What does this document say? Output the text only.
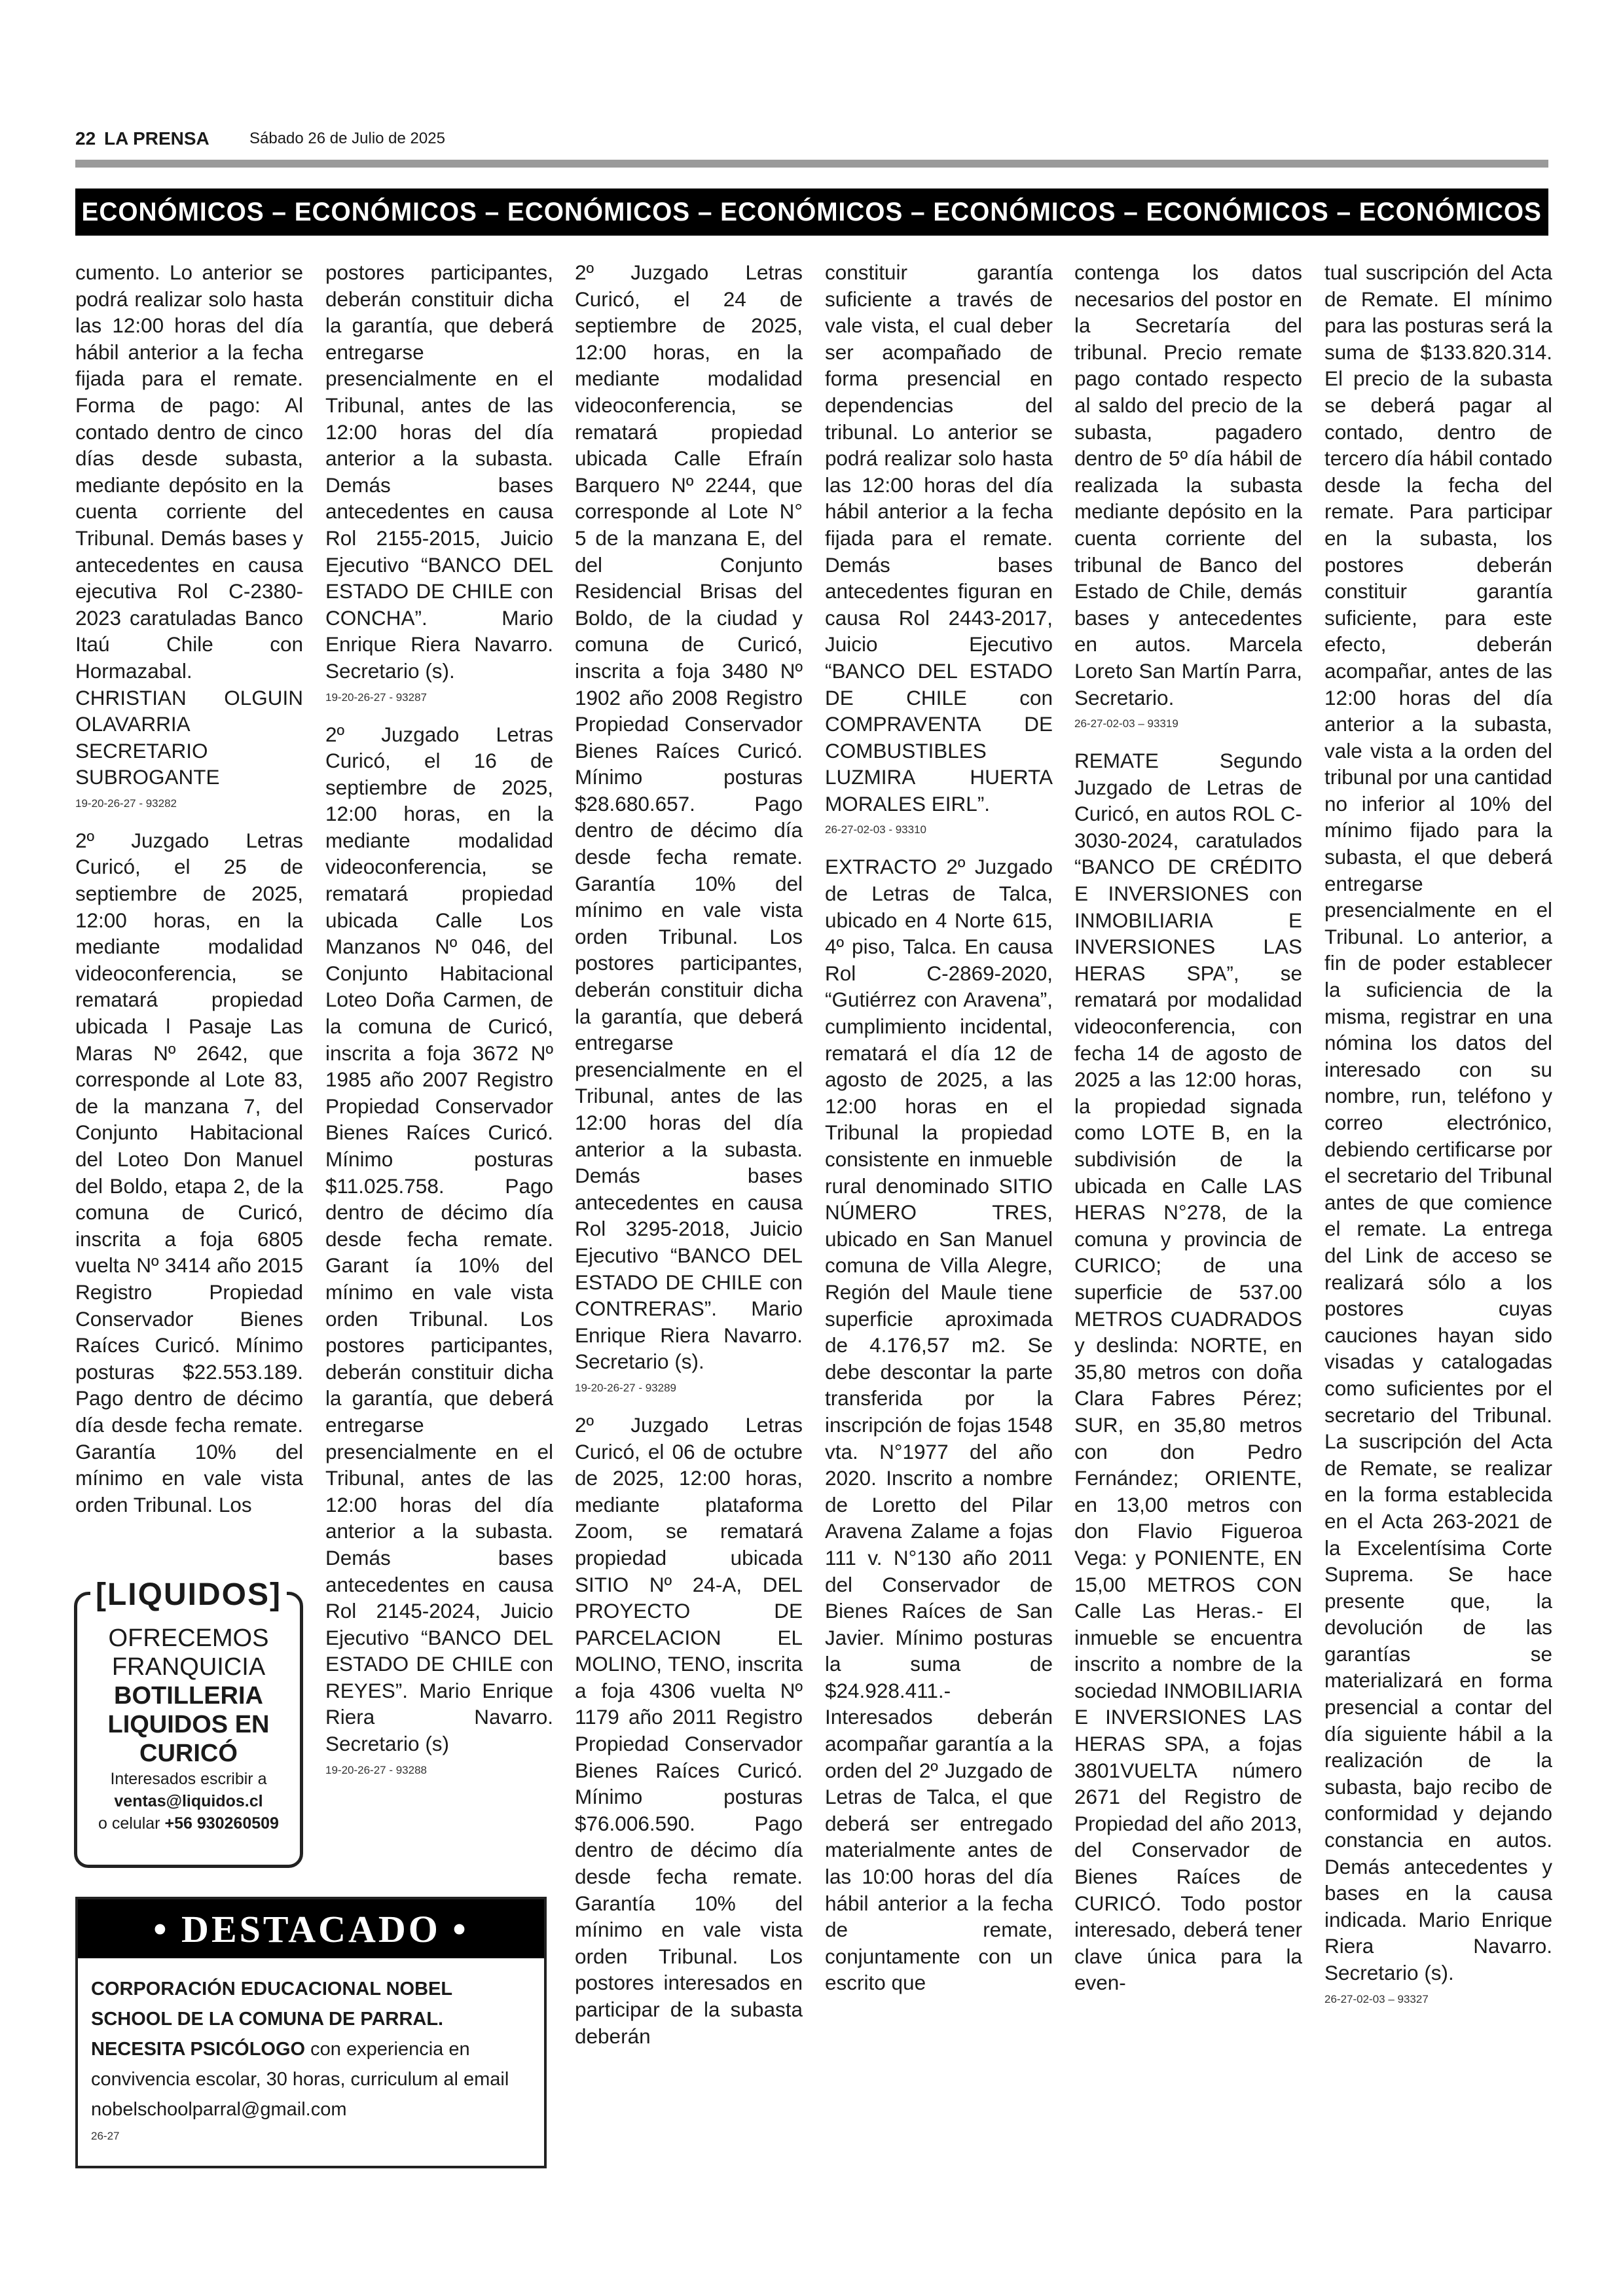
22 LA PRENSA	Sábado 26 de Julio de 2025
ECONÓMICOS – ECONÓMICOS – ECONÓMICOS – ECONÓMICOS – ECONÓMICOS – ECONÓMICOS – ECONÓMICOS

cumento. Lo anterior se podrá realizar solo hasta las 12:00 horas del día hábil anterior a la fecha fijada para el remate. Forma de pago: Al contado dentro de cinco días desde subasta, mediante depósito en la cuenta corriente del Tribunal. Demás bases y antecedentes en causa ejecutiva Rol C-2380-2023 caratuladas Banco Itaú Chile con Hormazabal. CHRISTIAN OLGUIN OLAVARRIA SECRETARIO SUBROGANTE

19-20-26-27 - 93282

2º Juzgado Letras Curicó, el 25 de septiembre de 2025, 12:00 horas, en la mediante modalidad videoconferencia, se rematará propiedad ubicada l Pasaje Las Maras Nº 2642, que corresponde al Lote 83, de la manzana 7, del Conjunto Habitacional del Loteo Don Manuel del Boldo, etapa 2, de la comuna de Curicó, inscrita a foja 6805 vuelta Nº 3414 año 2015 Registro Propiedad Conservador Bienes Raíces Curicó. Mínimo posturas $22.553.189. Pago dentro de décimo día desde fecha remate. Garantía 10% del mínimo en vale vista orden Tribunal. Los

postores participantes, deberán constituir dicha la garantía, que deberá entregarse presencialmente en el Tribunal, antes de las 12:00 horas del día anterior a la subasta. Demás bases antecedentes en causa Rol 2155-2015, Juicio Ejecutivo “BANCO DEL ESTADO DE CHILE con CONCHA”. Mario Enrique Riera Navarro. Secretario (s).

19-20-26-27 - 93287

2º Juzgado Letras Curicó, el 16 de septiembre de 2025, 12:00 horas, en la mediante modalidad videoconferencia, se rematará propiedad ubicada Calle Los Manzanos Nº 046, del Conjunto Habitacional Loteo Doña Carmen, de la comuna de Curicó, inscrita a foja 3672 Nº 1985 año 2007 Registro Propiedad Conservador Bienes Raíces Curicó. Mínimo posturas $11.025.758. Pago dentro de décimo día desde fecha remate. Garant ía 10% del mínimo en vale vista orden Tribunal. Los postores participantes, deberán constituir dicha la garantía, que deberá entregarse presencialmente en el Tribunal, antes de las 12:00 horas del día anterior a la subasta. Demás bases antecedentes en causa Rol 2145-2024, Juicio Ejecutivo “BANCO DEL ESTADO DE CHILE con REYES”. Mario Enrique Riera Navarro. Secretario (s)

19-20-26-27 - 93288

2º Juzgado Letras Curicó, el 24 de septiembre de 2025, 12:00 horas, en la mediante modalidad videoconferencia, se rematará propiedad ubicada Calle Efraín Barquero Nº 2244, que corresponde al Lote N° 5 de la manzana E, del del Conjunto Residencial Brisas del Boldo, de la ciudad y comuna de Curicó, inscrita a foja 3480 Nº 1902 año 2008 Registro Propiedad Conservador Bienes Raíces Curicó. Mínimo posturas $28.680.657. Pago dentro de décimo día desde fecha remate. Garantía 10% del mínimo en vale vista orden Tribunal. Los postores participantes, deberán constituir dicha la garantía, que deberá entregarse presencialmente en el Tribunal, antes de las 12:00 horas del día anterior a la subasta. Demás bases antecedentes en causa Rol 3295-2018, Juicio Ejecutivo “BANCO DEL ESTADO DE CHILE con CONTRERAS”. Mario Enrique Riera Navarro. Secretario (s).

19-20-26-27 - 93289

2º Juzgado Letras Curicó, el 06 de octubre de 2025, 12:00 horas, mediante plataforma Zoom, se rematará propiedad ubicada SITIO Nº 24-A, DEL PROYECTO DE PARCELACION EL MOLINO, TENO, inscrita a foja 4306 vuelta Nº 1179 año 2011 Registro Propiedad Conservador Bienes Raíces Curicó. Mínimo posturas $76.006.590. Pago dentro de décimo día desde fecha remate. Garantía 10% del mínimo en vale vista orden Tribunal. Los postores interesados en participar de la subasta deberán

constituir garantía suficiente a través de vale vista, el cual deber ser acompañado de forma presencial en dependencias del tribunal. Lo anterior se podrá realizar solo hasta las 12:00 horas del día hábil anterior a la fecha fijada para el remate. Demás bases antecedentes figuran en causa Rol 2443-2017, Juicio Ejecutivo “BANCO DEL ESTADO DE CHILE con COMPRAVENTA DE COMBUSTIBLES LUZMIRA HUERTA MORALES EIRL”.

26-27-02-03 - 93310

EXTRACTO 2º Juzgado de Letras de Talca, ubicado en 4 Norte 615, 4º piso, Talca. En causa Rol C-2869-2020, “Gutiérrez con Aravena”, cumplimiento incidental, rematará el día 12 de agosto de 2025, a las 12:00 horas en el Tribunal la propiedad consistente en inmueble rural denominado SITIO NÚMERO TRES, ubicado en San Manuel comuna de Villa Alegre, Región del Maule tiene superficie aproximada de 4.176,57 m2. Se debe descontar la parte transferida por la inscripción de fojas 1548 vta. N°1977 del año 2020. Inscrito a nombre de Loretto del Pilar Aravena Zalame a fojas 111 v. N°130 año 2011 del Conservador de Bienes Raíces de San Javier. Mínimo posturas la suma de $24.928.411.- Interesados deberán acompañar garantía a la orden del 2º Juzgado de Letras de Talca, el que deberá ser entregado materialmente antes de las 10:00 horas del día hábil anterior a la fecha de remate, conjuntamente con un escrito que

contenga los datos necesarios del postor en la Secretaría del tribunal. Precio remate pago contado respecto al saldo del precio de la subasta, pagadero dentro de 5º día hábil de realizada la subasta mediante depósito en la cuenta corriente del tribunal de Banco del Estado de Chile, demás bases y antecedentes en autos. Marcela Loreto San Martín Parra, Secretario.

26-27-02-03 – 93319

REMATE Segundo Juzgado de Letras de Curicó, en autos ROL C-3030-2024, caratulados “BANCO DE CRÉDITO E INVERSIONES con INMOBILIARIA E INVERSIONES LAS HERAS SPA”, se rematará por modalidad videoconferencia, con fecha 14 de agosto de 2025 a las 12:00 horas, la propiedad signada como LOTE B, en la subdivisión de la ubicada en Calle LAS HERAS N°278, de la comuna y provincia de CURICO; de una superficie de 537.00 METROS CUADRADOS y deslinda: NORTE, en 35,80 metros con doña Clara Fabres Pérez; SUR, en 35,80 metros con don Pedro Fernández; ORIENTE, en 13,00 metros con don Flavio Figueroa Vega: y PONIENTE, EN 15,00 METROS CON Calle Las Heras.- El inmueble se encuentra inscrito a nombre de la sociedad INMOBILIARIA E INVERSIONES LAS HERAS SPA, a fojas 3801VUELTA número 2671 del Registro de Propiedad del año 2013, del Conservador de Bienes Raíces de CURICÓ. Todo postor interesado, deberá tener clave única para la even-

tual suscripción del Acta de Remate. El mínimo para las posturas será la suma de $133.820.314. El precio de la subasta se deberá pagar al contado, dentro de tercero día hábil contado desde la fecha del remate. Para participar en la subasta, los postores deberán constituir garantía suficiente, para este efecto, deberán acompañar, antes de las 12:00 horas del día anterior a la subasta, vale vista a la orden del tribunal por una cantidad no inferior al 10% del mínimo fijado para la subasta, el que deberá entregarse presencialmente en el Tribunal. Lo anterior, a fin de poder establecer la suficiencia de la misma, registrar en una nómina los datos del interesado con su nombre, run, teléfono y correo electrónico, debiendo certificarse por el secretario del Tribunal antes de que comience el remate. La entrega del Link de acceso se realizará sólo a los postores cuyas cauciones hayan sido visadas y catalogadas como suficientes por el secretario del Tribunal. La suscripción del Acta de Remate, se realizar en la forma establecida en el Acta 263-2021 de la Excelentísima Corte Suprema. Se hace presente que, la devolución de las garantías se materializará en forma presencial a contar del día siguiente hábil a la realización de la subasta, bajo recibo de conformidad y dejando constancia en autos. Demás antecedentes y bases en la causa indicada. Mario Enrique Riera Navarro. Secretario (s).

26-27-02-03 – 93327
[LIQUIDOS]
OFRECEMOS
FRANQUICIA
BOTILLERIA
LIQUIDOS EN
CURICÓ
Interesados escribir a
ventas@liquidos.cl
o celular +56 930260509
• DESTACADO •
CORPORACIÓN EDUCACIONAL NOBEL SCHOOL DE LA COMUNA DE PARRAL. NECESITA PSICÓLOGO con experiencia en convivencia escolar, 30 horas, curriculum al email nobelschoolparral@gmail.com
26-27
